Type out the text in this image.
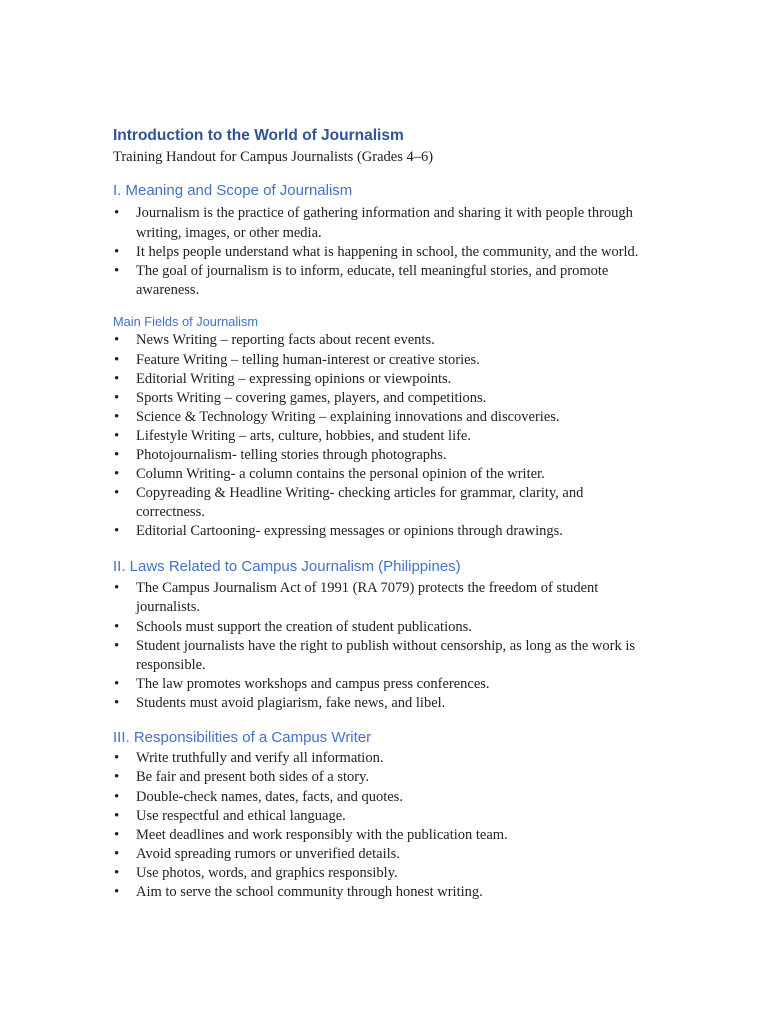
Introduction to the World of Journalism

Training Handout for Campus Journalists (Grades 4–6)

I. Meaning and Scope of Journalism
• Journalism is the practice of gathering information and sharing it with people through writing, images, or other media.
• It helps people understand what is happening in school, the community, and the world.
• The goal of journalism is to inform, educate, tell meaningful stories, and promote awareness.
Main Fields of Journalism
• News Writing – reporting facts about recent events.
• Feature Writing – telling human-interest or creative stories.
• Editorial Writing – expressing opinions or viewpoints.
• Sports Writing – covering games, players, and competitions.
• Science & Technology Writing – explaining innovations and discoveries.
• Lifestyle Writing – arts, culture, hobbies, and student life.
• Photojournalism- telling stories through photographs.
• Column Writing- a column contains the personal opinion of the writer.
• Copyreading & Headline Writing- checking articles for grammar, clarity, and correctness.
• Editorial Cartooning- expressing messages or opinions through drawings.
II. Laws Related to Campus Journalism (Philippines)
• The Campus Journalism Act of 1991 (RA 7079) protects the freedom of student journalists.
• Schools must support the creation of student publications.
• Student journalists have the right to publish without censorship, as long as the work is responsible.
• The law promotes workshops and campus press conferences.
• Students must avoid plagiarism, fake news, and libel.
III. Responsibilities of a Campus Writer
• Write truthfully and verify all information.
• Be fair and present both sides of a story.
• Double-check names, dates, facts, and quotes.
• Use respectful and ethical language.
• Meet deadlines and work responsibly with the publication team.
• Avoid spreading rumors or unverified details.
• Use photos, words, and graphics responsibly.
• Aim to serve the school community through honest writing.
